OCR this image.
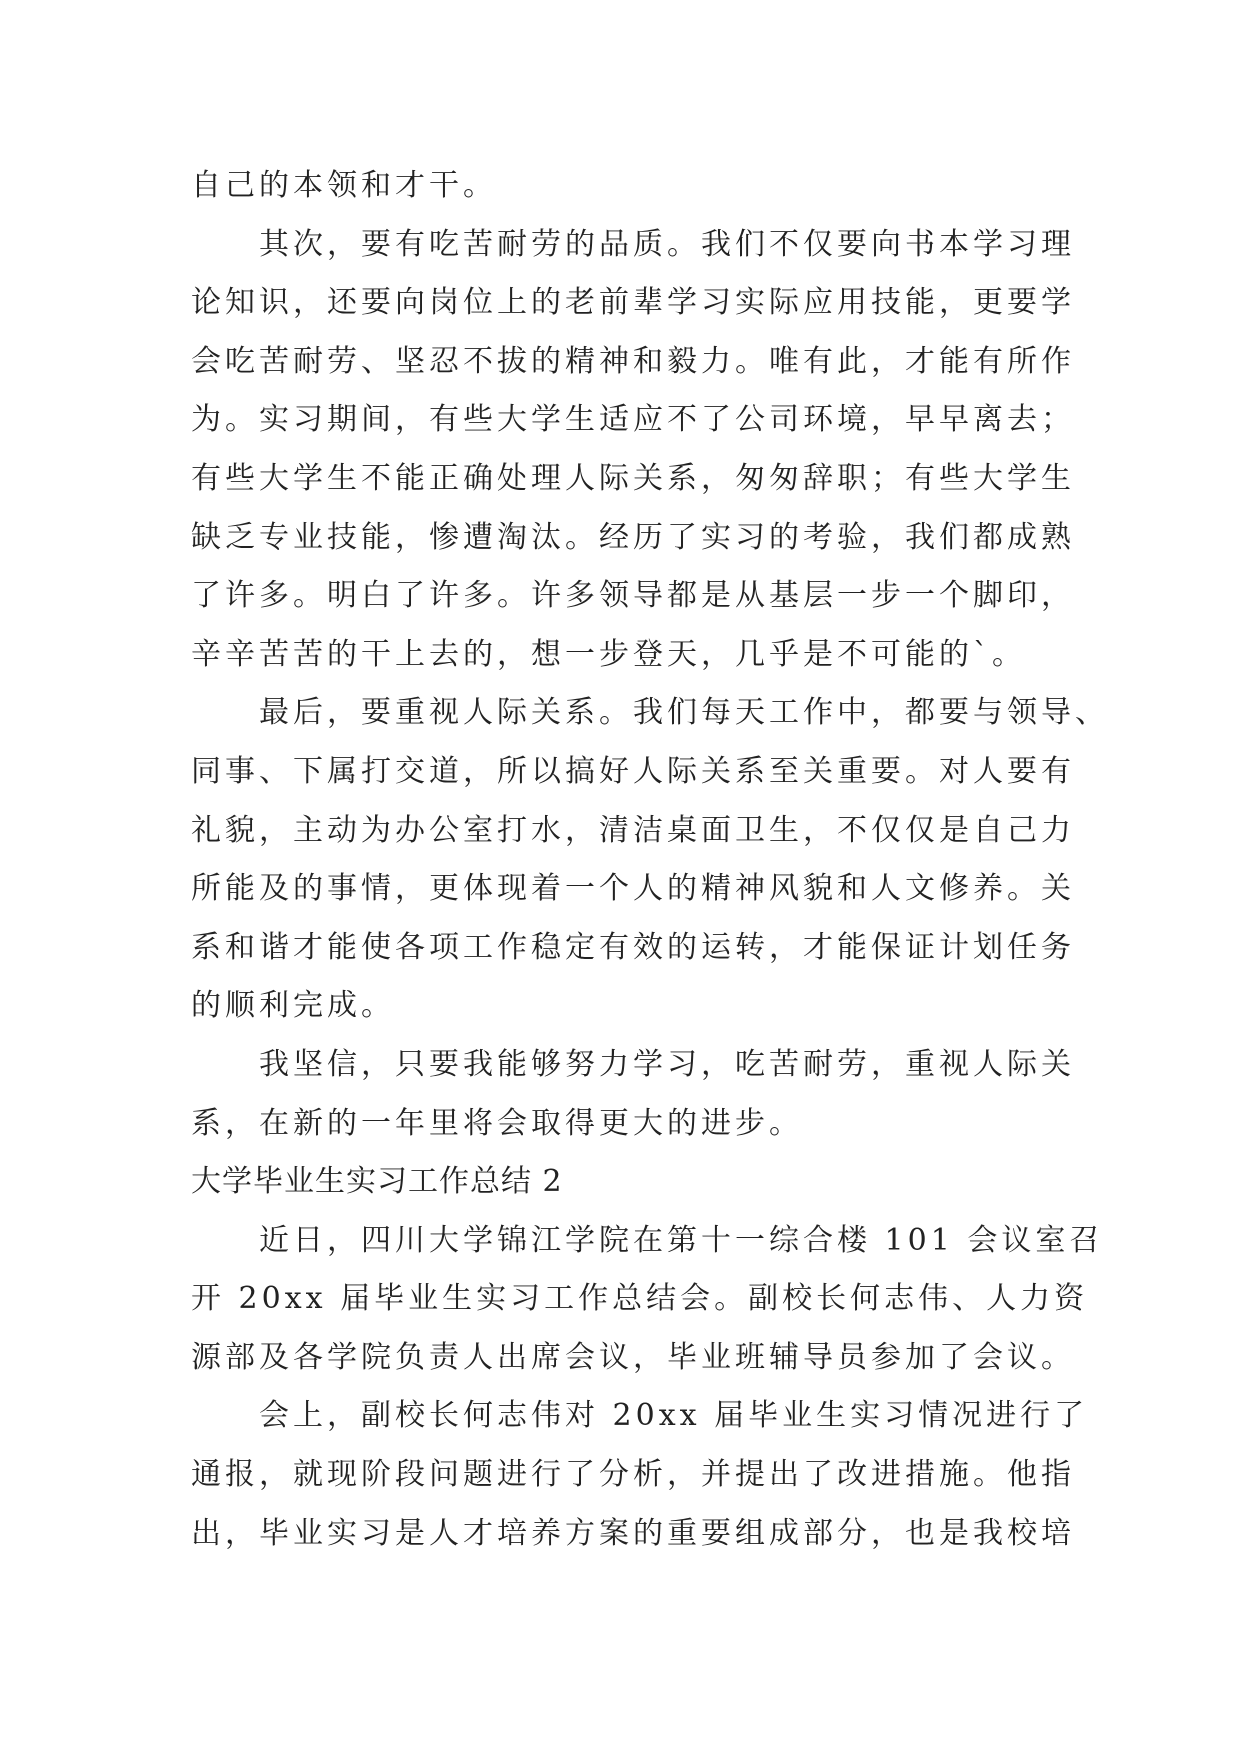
自己的本领和才干。

其次，要有吃苦耐劳的品质。我们不仅要向书本学习理

论知识，还要向岗位上的老前辈学习实际应用技能，更要学

会吃苦耐劳、坚忍不拔的精神和毅力。唯有此，才能有所作

为。实习期间，有些大学生适应不了公司环境，早早离去；

有些大学生不能正确处理人际关系，匆匆辞职；有些大学生

缺乏专业技能，惨遭淘汰。经历了实习的考验，我们都成熟

了许多。明白了许多。许多领导都是从基层一步一个脚印，

辛辛苦苦的干上去的，想一步登天，几乎是不可能的`。

最后，要重视人际关系。我们每天工作中，都要与领导、

同事、下属打交道，所以搞好人际关系至关重要。对人要有

礼貌，主动为办公室打水，清洁桌面卫生，不仅仅是自己力

所能及的事情，更体现着一个人的精神风貌和人文修养。关

系和谐才能使各项工作稳定有效的运转，才能保证计划任务

的顺利完成。

我坚信，只要我能够努力学习，吃苦耐劳，重视人际关

系，在新的一年里将会取得更大的进步。

大学毕业生实习工作总结 2

近日，四川大学锦江学院在第十一综合楼 101 会议室召

开 20xx 届毕业生实习工作总结会。副校长何志伟、人力资

源部及各学院负责人出席会议，毕业班辅导员参加了会议。

会上，副校长何志伟对 20xx 届毕业生实习情况进行了

通报，就现阶段问题进行了分析，并提出了改进措施。他指

出，毕业实习是人才培养方案的重要组成部分，也是我校培
